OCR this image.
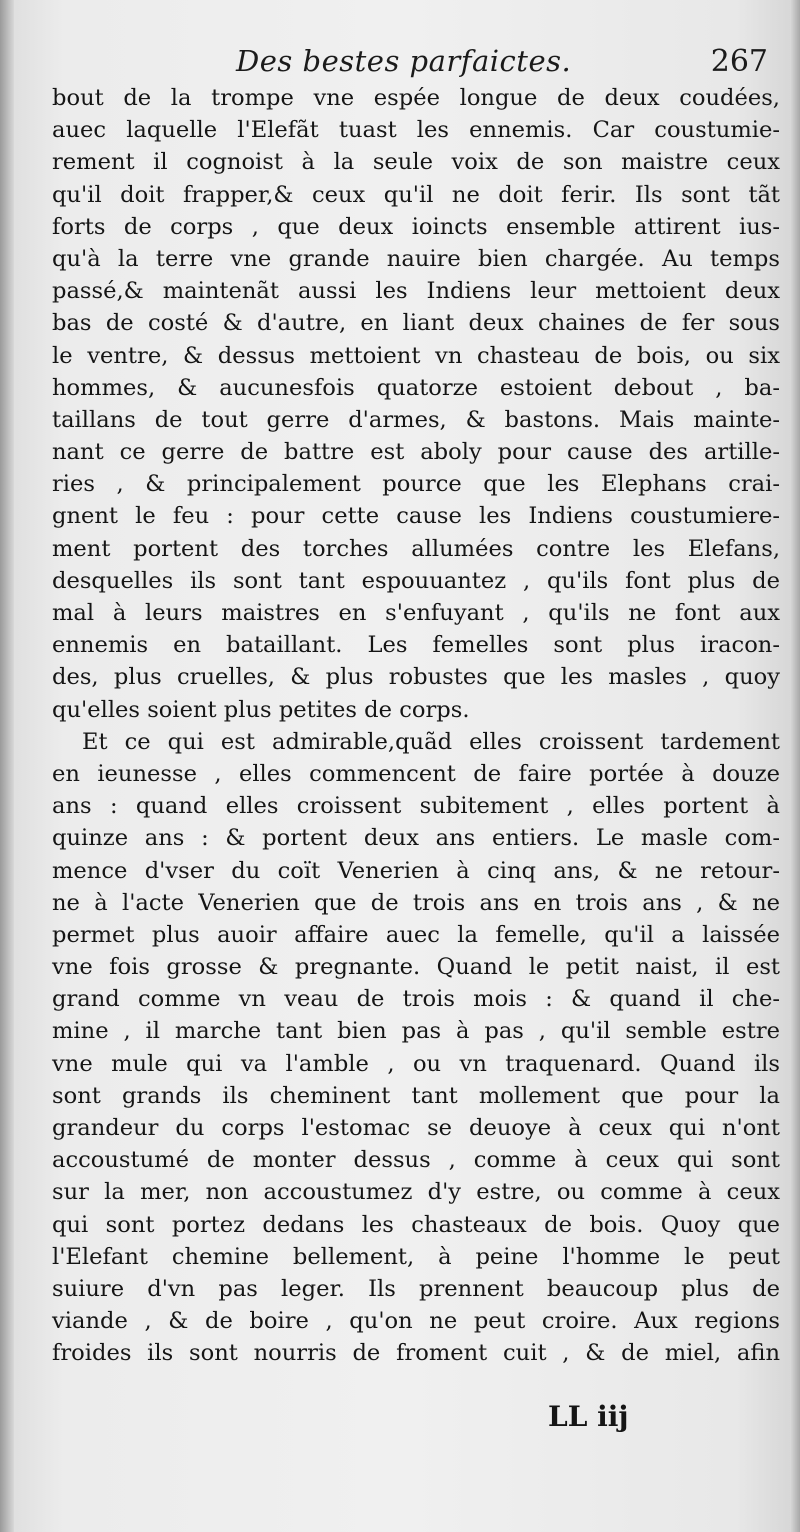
Des bestes parfaictes.	267
bout de la trompe vne espée longue de deux coudées,
auec laquelle l'Elefãt tuast les ennemis. Car coustumie-
rement il cognoist à la seule voix de son maistre ceux
qu'il doit frapper,& ceux qu'il ne doit ferir. Ils sont tãt
forts de corps , que deux ioincts ensemble attirent ius-
qu'à la terre vne grande nauire bien chargée. Au temps
passé,& maintenãt aussi les Indiens leur mettoient deux
bas de costé & d'autre, en liant deux chaines de fer sous
le ventre, & dessus mettoient vn chasteau de bois, ou six
hommes, & aucunesfois quatorze estoient debout , ba-
taillans de tout gerre d'armes, & bastons. Mais mainte-
nant ce gerre de battre est aboly pour cause des artille-
ries , & principalement pource que les Elephans crai-
gnent le feu : pour cette cause les Indiens coustumiere-
ment portent des torches allumées contre les Elefans,
desquelles ils sont tant espouuantez , qu'ils font plus de
mal à leurs maistres en s'enfuyant , qu'ils ne font aux
ennemis en bataillant. Les femelles sont plus iracon-
des, plus cruelles, & plus robustes que les masles , quoy
qu'elles soient plus petites de corps.
Et ce qui est admirable,quãd elles croissent tardement
en ieunesse , elles commencent de faire portée à douze
ans : quand elles croissent subitement , elles portent à
quinze ans : & portent deux ans entiers. Le masle com-
mence d'vser du coït Venerien à cinq ans, & ne retour-
ne à l'acte Venerien que de trois ans en trois ans , & ne
permet plus auoir affaire auec la femelle, qu'il a laissée
vne fois grosse & pregnante. Quand le petit naist, il est
grand comme vn veau de trois mois : & quand il che-
mine , il marche tant bien pas à pas , qu'il semble estre
vne mule qui va l'amble , ou vn traquenard. Quand ils
sont grands ils cheminent tant mollement que pour la
grandeur du corps l'estomac se deuoye à ceux qui n'ont
accoustumé de monter dessus , comme à ceux qui sont
sur la mer, non accoustumez d'y estre, ou comme à ceux
qui sont portez dedans les chasteaux de bois. Quoy que
l'Elefant chemine bellement, à peine l'homme le peut
suiure d'vn pas leger. Ils prennent beaucoup plus de
viande , & de boire , qu'on ne peut croire. Aux regions
froides ils sont nourris de froment cuit , & de miel, afin
LL iij
